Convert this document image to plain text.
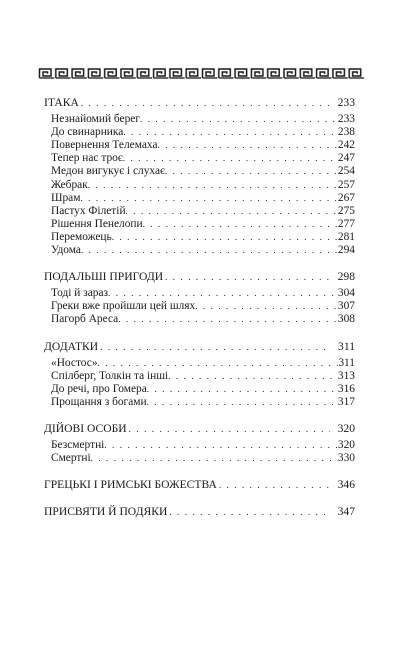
ІТАКА . . .	233
Незнайомий берег . . .	233
До свинарника . . .	238
Повернення Телемаха . . .	242
Тепер нас троє . . .	247
Медон вигукує і слухає . . .	254
Жебрак . . .	257
Шрам . . .	267
Пастух Філетій . . .	275
Рішення Пенелопи . . .	277
Переможець . . .	281
Удома . . .	294
ПОДАЛЬШІ ПРИГОДИ . . .	298
Тоді й зараз . . .	304
Греки вже пройшли цей шлях . . .	307
Пагорб Ареса . . .	308
ДОДАТКИ . . .	311
«Ностос» . . .	311
Спілберг, Толкін та інші . . .	313
До речі, про Гомера . . .	316
Прощання з богами . . .	317
ДІЙОВІ ОСОБИ . . .	320
Безсмертні . . .	320
Смертні . . .	330
ГРЕЦЬКІ І РИМСЬКІ БОЖЕСТВА . . .	346
ПРИСВЯТИ Й ПОДЯКИ . . .	347
